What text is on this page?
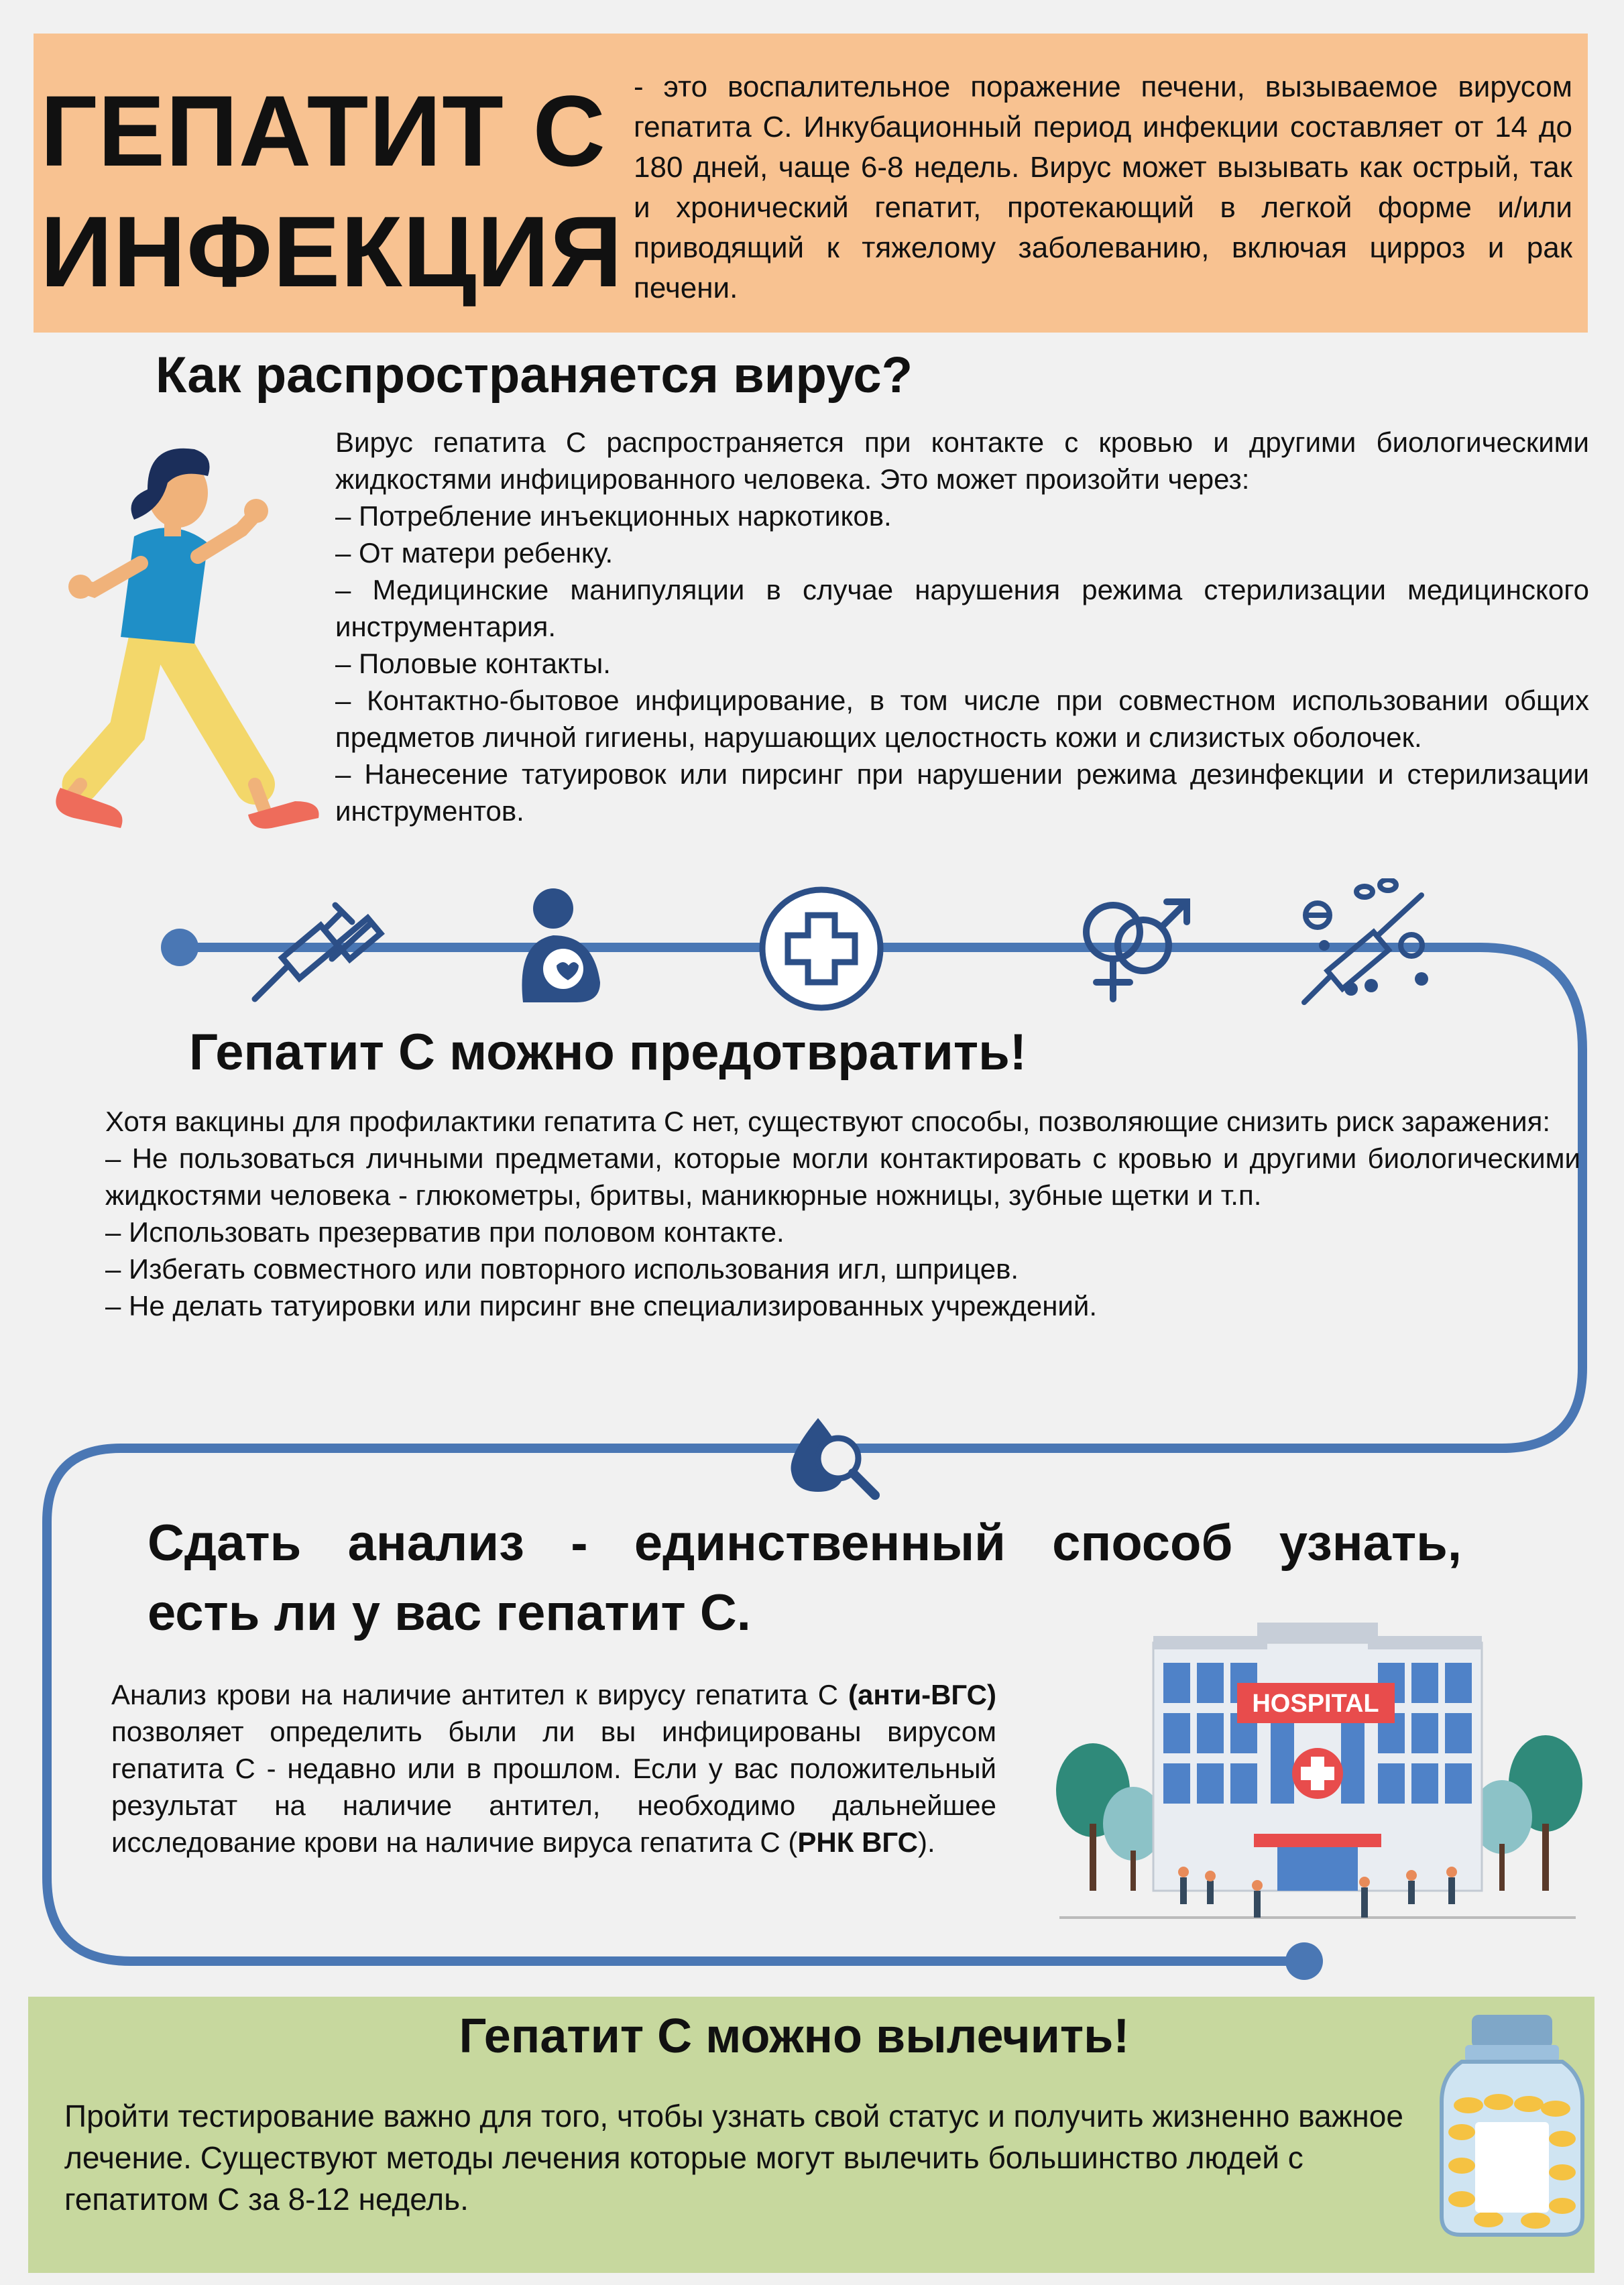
ГЕПАТИТ С
ИНФЕКЦИЯ

- это воспалительное поражение печени, вызываемое вирусом гепатита С. Инкубационный период инфекции составляет от 14 до 180 дней, чаще 6-8 недель. Вирус может вызывать как острый, так и хронический гепатит, протекающий в легкой форме и/или приводящий к тяжелому заболеванию, включая цирроз и рак печени.

Как распространяется вирус?

Вирус гепатита С распространяется при контакте с кровью и другими биологическими жидкостями инфицированного человека. Это может произойти через:

– Потребление инъекционных наркотиков.

– От матери ребенку.

– Медицинские манипуляции в случае нарушения режима стерилизации медицинского инструментария.

– Половые контакты.

– Контактно-бытовое инфицирование, в том числе при совместном использовании общих предметов личной гигиены, нарушающих целостность кожи и слизистых оболочек.

– Нанесение татуировок или пирсинг при нарушении режима дезинфекции и стерилизации инструментов.

Гепатит С можно предотвратить!

Хотя вакцины для профилактики гепатита С нет, существуют способы, позволяющие снизить риск заражения:

– Не пользоваться личными предметами, которые могли контактировать с кровью и другими биологическими жидкостями человека - глюкометры, бритвы, маникюрные ножницы, зубные щетки и т.п.

– Использовать презерватив при половом контакте.

– Избегать совместного или повторного использования игл, шприцев.

– Не делать татуировки или пирсинг вне специализированных учреждений.

Сдать анализ - единственный способ узнать,
есть ли у вас гепатит С.

Анализ крови на наличие антител к вирусу гепатита С (анти-ВГС) позволяет определить были ли вы инфицированы вирусом гепатита С - недавно или в прошлом. Если у вас положительный результат на наличие антител, необходимо дальнейшее исследование крови на наличие вируса гепатита С (РНК ВГС).

HOSPITAL
Гепатит С можно вылечить!

Пройти тестирование важно для того, чтобы узнать свой статус и получить жизненно важное лечение. Существуют методы лечения которые могут вылечить большинство людей с гепатитом С за 8-12 недель.
